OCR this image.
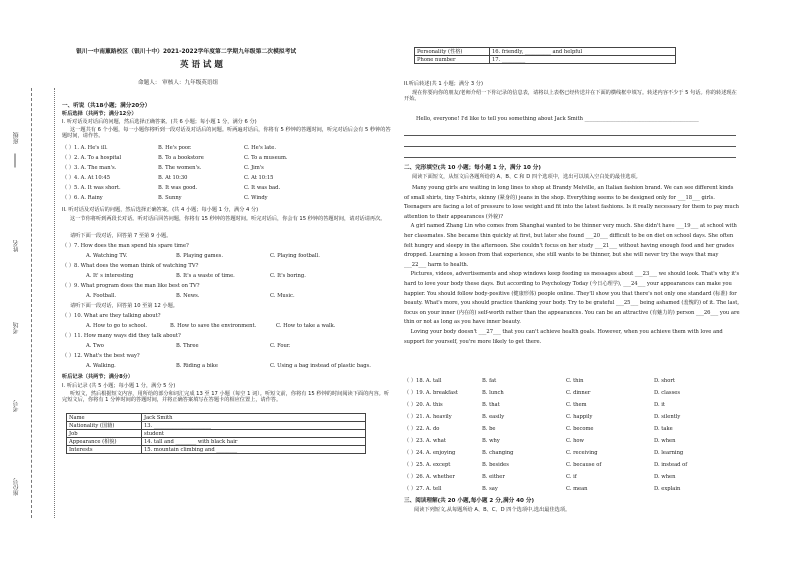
班级
姓名
考场
考号
座位号
银川一中南薰路校区（银川十中）2021-2022学年度第二学期九年级第二次模拟考试
英 语 试 题
命题人： 审核人：九年级英语组
一、听说（共18小题；满分20分）
听后选择（共两节；满分12分）
I. 听对话及对话后的问题，然后选择正确答案。(共 6 小题；每小题 1 分，满分 6 分)
这一题共有 6 个小题，每一小题你将听到一段对话及对话后的问题。听两遍对话后，你将有 5 秒钟的答题时间，听完对话后会有 5 秒钟的答题时间，请作答。
（ ）1. A. He's ill.	B. He's poor.	C. He's late.
（ ）2. A. To a hospital	B. To a bookstore	C. To a museum.
（ ）3. A. The man's.	B. The women's.	C. Jim's
（ ）4. A. At 10:45	B. At 10:30	C. At 10:15
（ ）5. A. It was short.	B. It was good.	C. It was bad.
（ ）6. A. Rainy	B. Sunny	C. Windy
II. 听对话及对话后的问题，然后选择正确答案。(共 4 小题；每小题 1 分，满分 4 分)
这一节你将听到两段长对话。听对话后回答问题，你将有 15 秒钟的答题时间。听完对话后，你会有 15 秒钟的答题时间，请对话请再次。
请听下面一段对话，回答第 7 至第 9 小题。
（ ）7. How does the man spend his spare time?
A. Watching TV.	B. Playing games.	C. Playing football.
（ ）8. What does the woman think of watching TV?
A. It' s interesting	B. It's a waste of time.	C. It's boring.
（ ）9. What program does the man like best on TV?
A. Football.	B. News.	C. Music.
请听下面一段对话，回答第 10 至第 12 小题。
（ ）10. What are they talking about?
A. How to go to school.	B. How to save the environment.	C. How to take a walk.
（ ）11. How many ways did they talk about?
A. Two	B. Three	C. Four.
（ ）12. What's the best way?
A. Walking.	B. Riding a bike	C. Using a bag instead of plastic bags.
听后记录（共两节；满分8分）
I. 听后记录 (共 5 小题；每小题 1 分，满分 5 分)
听短文，然后根据短文内容，用所给的部分和词汇完成 13 至 17 小题（每空 1 词）。听短文前，你将有 15 秒钟的时间阅读下面的内容。听完短文后，你将有 1 分钟时间的答题时间，并将正确答案填写在答题卡的相应位置上，请作答。
Name	Jack Smith
Nationality (国籍)	13. ______________________
Job	student
Appearance (相貌)	14. tall and ________ with black hair
Interests	15. mountain climbing and ________
Personality (性格)	16. friendly, __________ and helpful
Phone number	17. _________
II.听后转述(共 1 小题；满分 3 分)
现在你要向你的朋友/老师介绍一下你记录的信息表，请将以上表格已经传送并在下面的横线框中填写。转述内容不少于 5 句话。你的转述现在开始。
Hello, everyone! I'd like to tell you something about Jack Smith ____________________________________________
二、完形填空(共 10 小题；每小题 1 分，满分 10 分)
阅读下面短文，从短文后各题所给的 A、B、C 和 D 四个选项中，选出可以填入空白处的最佳选项。
Many young girls are waiting in long lines to shop at Brandy Melville, an Italian fashion brand. We can see different kinds of small shirts, tiny T-shirts, skinny (紧身的) jeans in the shop. Everything seems to be designed only for ___18___ girls. Teenagers are facing a lot of pressure to lose weight and fit into the latest fashions. Is it really necessary for them to pay much attention to their appearances (外貌)?
A girl named Zhang Lin who comes from Shanghai wanted to be thinner very much. She didn't have ___19___ at school with her classmates. She became thin quickly at first, but later she found ___20___ difficult to be on diet on school days. She often felt hungry and sleepy in the afternoon. She couldn't focus on her study ___21___ without having enough food and her grades dropped. Learning a lesson from that experience, she still wants to be thinner, but she will never try the ways that may ___22___ harm to health.
Pictures, videos, advertisements and shop windows keep feeding us messages about ___23___ we should look. That's why it's hard to love your body these days. But according to Psychology Today (今日心理学), ___24___ your appearances can make you happier. You should follow body-positive (健康形体) people online. They'll show you that there's not only one standard (标准) for beauty. What's more, you should practice thanking your body. Try to be grateful ___25___ being ashamed (羞愧的) of it. The last, focus on your inner (内在的) self-worth rather than the appearances. You can be an attractive (有魅力的) person ___26___ you are thin or not as long as you have inner beauty.
Loving your body doesn't ___27___ that you can't achieve health goals. However, when you achieve them with love and support for yourself, you're more likely to get there.
（ ）18. A. tall	B. fat	C. thin	D. short
（ ）19. A. breakfast	B. lunch	C. dinner	D. classes
（ ）20. A. this	B. that	C. them	D. it
（ ）21. A. heavily	B. easily	C. happily	D. silently
（ ）22. A. do	B. be	C. become	D. take
（ ）23. A. what	B. why	C. how	D. when
（ ）24. A. enjoying	B. changing	C. receiving	D. learning
（ ）25. A. except	B. besides	C. because of	D. instead of
（ ）26. A. whether	B. either	C. if	D. when
（ ）27. A. tell	B. say	C. mean	D. explain
三、阅读理解(共 20 小题,每小题 2 分,满分 40 分)
阅读下列短文,从每题所给 A、B、C、D 四个选项中,选出最佳选项。
